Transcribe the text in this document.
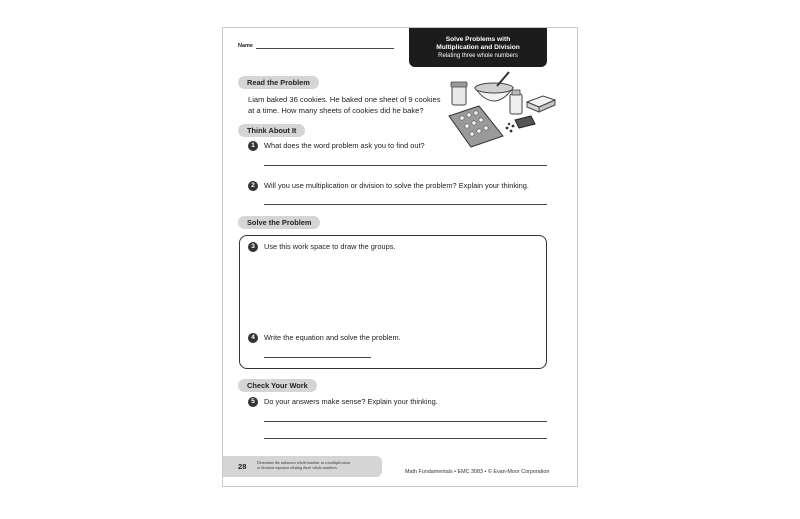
Name
Solve Problems with
Multiplication and Division
Relating three whole numbers
Read the Problem
Liam baked 36 cookies. He baked one sheet of 9 cookies
at a time. How many sheets of cookies did he bake?
Think About It
1	What does the word problem ask you to find out?
2	Will you use multiplication or division to solve the problem? Explain your thinking.
Solve the Problem
3	Use this work space to draw the groups.
4	Write the equation and solve the problem.
Check Your Work
5	Do your answers make sense? Explain your thinking.
28	Determine the unknown whole number in a multiplication
or division equation relating three whole numbers.
Math Fundamentals • EMC 3083 • © Evan-Moor Corporation
